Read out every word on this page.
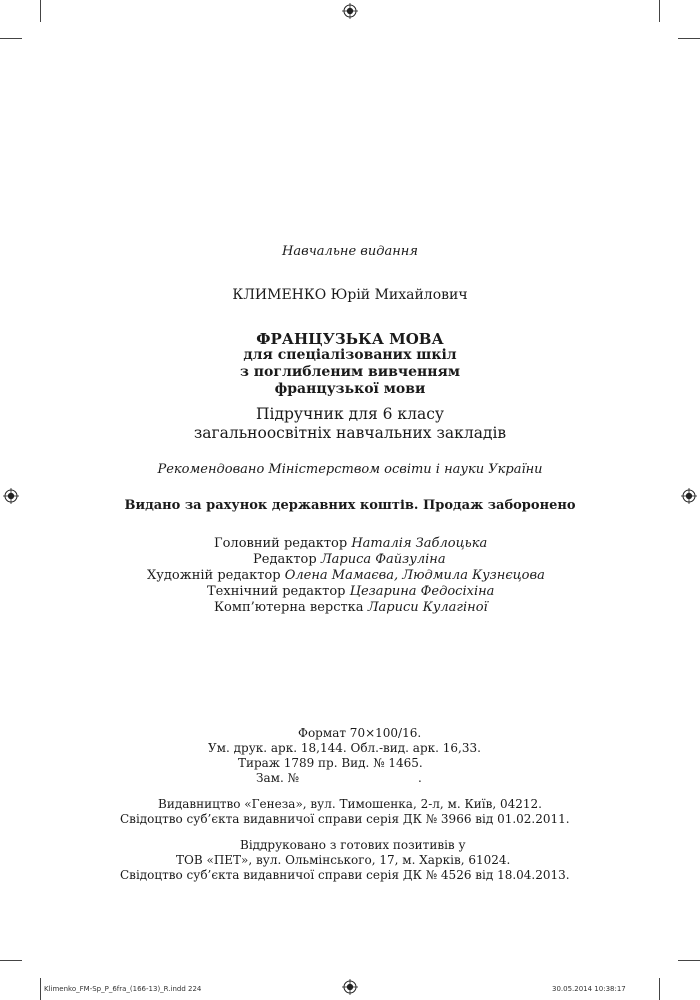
Навчальне видання
КЛИМЕНКО Юрій Михайлович
ФРАНЦУЗЬКА МОВА
для спеціалізованих шкіл
з поглибленим вивченням
французької мови
Підручник для 6 класу
загальноосвітніх навчальних закладів
Рекомендовано Міністерством освіти і науки України
Видано за рахунок державних коштів. Продаж заборонено
Головний редактор Наталія Заблоцька
Редактор Лариса Файзуліна
Художній редактор Олена Мамаєва, Людмила Кузнєцова
Технічний редактор Цезарина Федосіхіна
Комп’ютерна верстка Лариси Кулагіної
Формат 70×100/16.
Ум. друк. арк. 18,144. Обл.-вид. арк. 16,33.
Тираж 1789 пр. Вид. № 1465.
Зам. №	.
Видавництво «Генеза», вул. Тимошенка, 2-л, м. Київ, 04212.
Свідоцтво суб’єкта видавничої справи серія ДК № 3966 від 01.02.2011.
Віддруковано з готових позитивів у
ТОВ «ПЕТ», вул. Ольмінського, 17, м. Харків, 61024.
Свідоцтво суб’єкта видавничої справи серія ДК № 4526 від 18.04.2013.
Klimenko_FM-Sp_P_6fra_(166-13)_R.indd 224	30.05.2014 10:38:17
